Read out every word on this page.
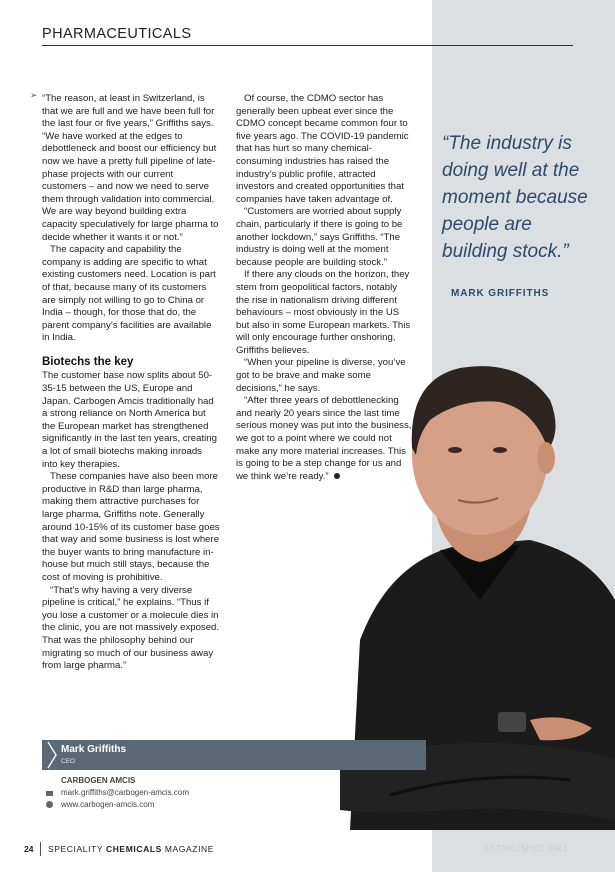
PHARMACEUTICALS
➢ “The reason, at least in Switzerland, is that we are full and we have been full for the last four or five years,” Griffiths says. “We have worked at the edges to debottleneck and boost our efficiency but now we have a pretty full pipeline of late-phase projects with our current customers – and now we need to serve them through validation into commercial. We are way beyond building extra capacity speculatively for large pharma to decide whether it wants it or not.”

The capacity and capability the company is adding are specific to what existing customers need. Location is part of that, because many of its customers are simply not willing to go to China or India – though, for those that do, the parent company’s facilities are available in India.

Biotechs the key

The customer base now splits about 50-35-15 between the US, Europe and Japan. Carbogen Amcis traditionally had a strong reliance on North America but the European market has strengthened significantly in the last ten years, creating a lot of small biotechs making inroads into key therapies.

These companies have also been more productive in R&D than large pharma, making them attractive purchases for large pharma, Griffiths note. Generally around 10-15% of its customer base goes that way and some business is lost where the buyer wants to bring manufacture in-house but much still stays, because the cost of moving is prohibitive.

“That’s why having a very diverse pipeline is critical,” he explains. “Thus if you lose a customer or a molecule dies in the clinic, you are not massively exposed. That was the philosophy behind our migrating so much of our business away from large pharma.”

Of course, the CDMO sector has generally been upbeat ever since the CDMO concept became common four to five years ago. The COVID-19 pandemic that has hurt so many chemical-consuming industries has raised the industry’s public profile, attracted investors and created opportunities that companies have taken advantage of.

“Customers are worried about supply chain, particularly if there is going to be another lockdown,” says Griffiths. “The industry is doing well at the moment because people are building stock.”

If there any clouds on the horizon, they stem from geopolitical factors, notably the rise in nationalism driving different behaviours – most obviously in the US but also in some European markets. This will only encourage further onshoring, Griffiths believes.

“When your pipeline is diverse, you’ve got to be brave and make some decisions,” he says.

“After three years of debottlenecking and nearly 20 years since the last time serious money was put into the business, we got to a point where we could not make any more material increases. This is going to be a step change for us and we think we’re ready.”

“The industry is doing well at the moment because people are building stock.”
MARK GRIFFITHS
Mark Griffiths
CEO
CARBOGEN AMCIS
mark.griffiths@carbogen-amcis.com
www.carbogen-amcis.com
24 SPECIALITY CHEMICALS MAGAZINE	ESTABLISHED 1981
